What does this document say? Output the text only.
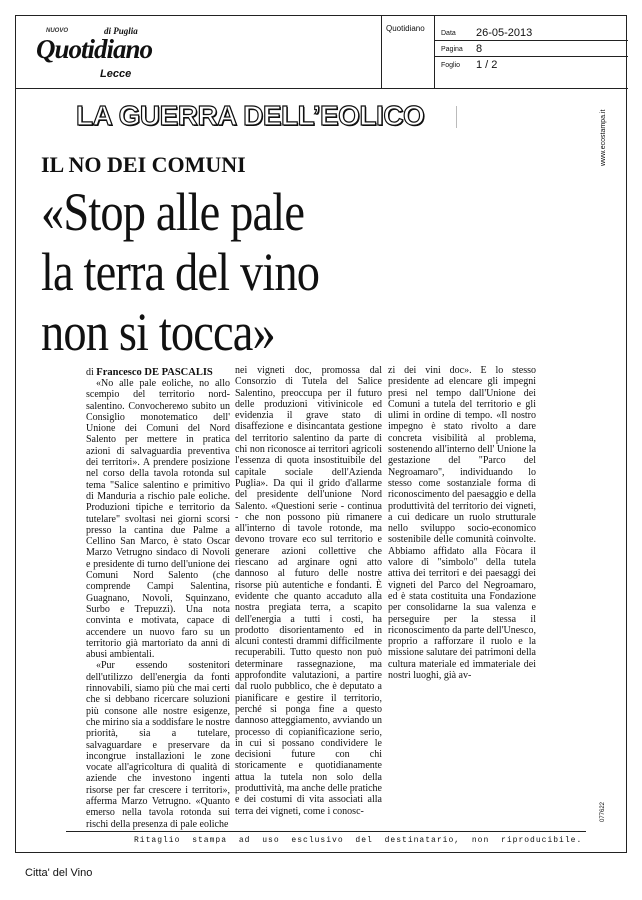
NUOVO	di Puglia
Quotidiano
Lecce
Quotidiano
Data 26-05-2013
Pagina 8
Foglio 1 / 2
www.ecostampa.it
077622
LA GUERRA DELL’EOLICO
IL NO DEI COMUNI
«Stop alle pale
la terra del vino
non si tocca»
di Francesco DE PASCALIS

«No alle pale eoliche, no allo scempio del territorio nord-salentino. Convochereмо subito un Consiglio monotematico dell' Unione dei Comuni del Nord Salento per mettere in pratica azioni di salvaguardia preventiva dei territori». A prendere posizione nel corso della tavola rotonda sul tema "Salice salentino e primitivo di Manduria a rischio pale eoliche. Produzioni tipiche e territorio da tutelare" svoltasi nei giorni scorsi presso la cantina due Palme a Cellino San Marco, è stato Oscar Marzo Vetrugno sindaco di Novoli e presidente di turno dell'unione dei Comuni Nord Salento (che comprende Campi Salentina, Guagnano, Novoli, Squinzano, Surbo e Trepuzzi). Una nota convinta e motivata, capace di accendere un nuovo faro su un territorio già martoriato da anni di abusi ambientali.

«Pur essendo sostenitori dell'utilizzo dell'energia da fonti rinnovabili, siamo più che mai certi che si debbano ricercare soluzioni più consone alle nostre esigenze, che mirino sia a soddisfare le nostre priorità, sia a tutelare, salvaguardare e preservare da incongrue installazioni le zone vocate all'agricoltura di qualità di aziende che investono ingenti risorse per far crescere i territori», afferma Marzo Vetrugno. «Quanto emerso nella tavola rotonda sui rischi della presenza di pale eoliche

nei vigneti doc, promossa dal Consorzio di Tutela del Salice Salentino, preoccupa per il futuro delle produzioni vitivinicole ed evidenzia il grave stato di disaffezione e disincantata gestione del territorio salentino da parte di chi non riconosce ai territori agricoli l'essenza di quota insostituibile del capitale sociale dell'Azienda Puglia». Da qui il grido d'allarme del presidente dell'unione Nord Salento. «Questioni serie - continua - che non possono più rimanere all'interno di tavole rotonde, ma devono trovare eco sul territorio e generare azioni collettive che riescano ad arginare ogni atto dannoso al futuro delle nostre risorse più autentiche e fondanti. È evidente che quanto accaduto alla nostra pregiata terra, a scapito dell'energia a tutti i costi, ha prodotto disorientamento ed in alcuni contesti drammi difficilmente recuperabili. Tutto questo non può determinare rassegnazione, ma approfondite valutazioni, a partire dal ruolo pubblico, che è deputato a pianificare e gestire il territorio, perché si ponga fine a questo dannoso atteggiamento, avviando un processo di copianificazione serio, in cui si possano condividere le decisioni future con chi storicamente e quotidianamente attua la tutela non solo della produttività, ma anche delle pratiche e dei costumi di vita associati alla terra dei vigneti, come i conosc-

zi dei vini doc». E lo stesso presidente ad elencare gli impegni presi nel tempo dall'Unione dei Comuni a tutela del territorio e gli ulimi in ordine di tempo. «Il nostro impegno è stato rivolto a dare concreta visibilità al problema, sostenendo all'interno dell' Unione la gestazione del "Parco del Negroamaro", individuando lo stesso come sostanziale forma di riconoscimento del paesaggio e della produttività del territorio dei vigneti, a cui dedicare un ruolo strutturale nello sviluppo socio-economico sostenibile delle comunità coinvolte. Abbiamo affidato alla Fòcara il valore di "simbolo" della tutela attiva dei territori e dei paesaggi dei vigneti del Parco del Negroamaro, ed è stata costituita una Fondazione per consolidarne la sua valenza e perseguire per la stessa il riconoscimento da parte dell'Unesco, proprio a rafforzare il ruolo e la missione salutare dei patrimoni della cultura materiale ed immateriale dei nostri luoghi, già av-

Ritaglio stampa ad uso esclusivo del destinatario, non riproducibile.
Citta' del Vino
